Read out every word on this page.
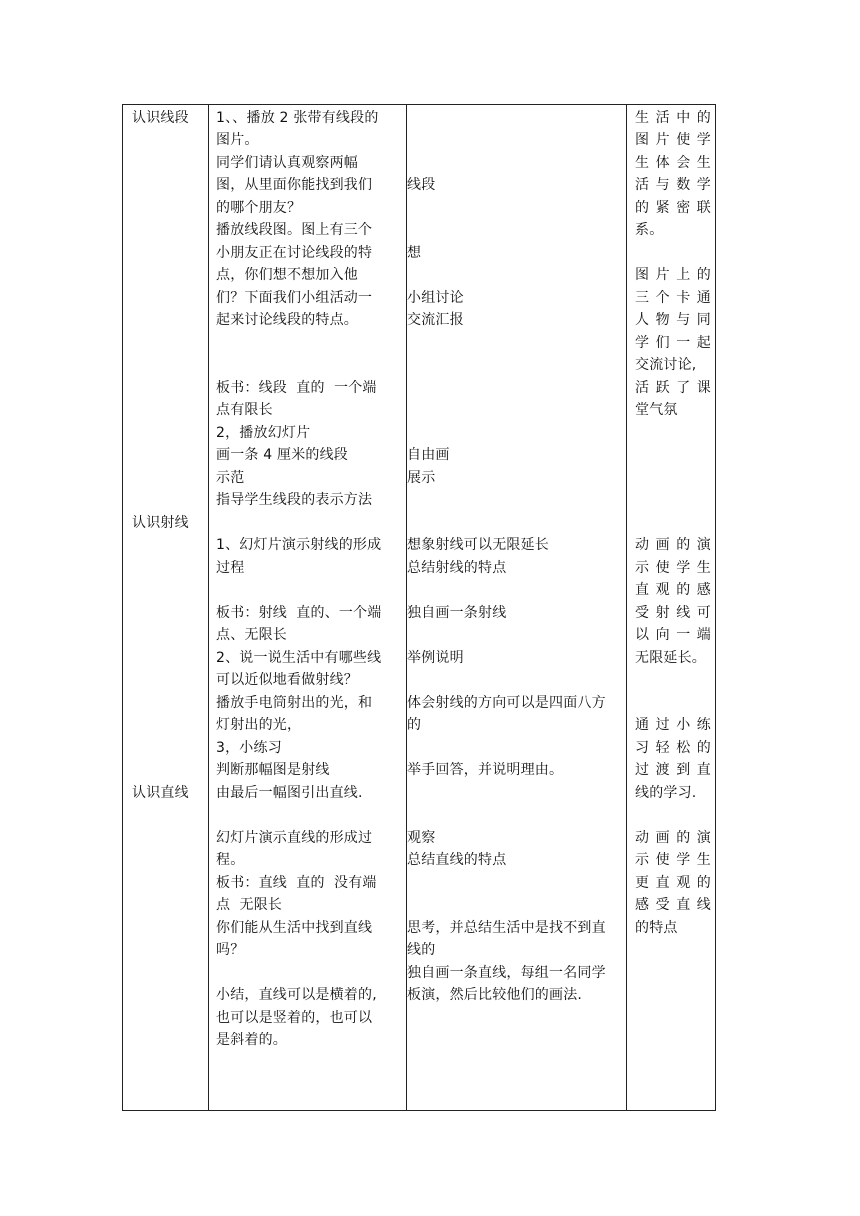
认识线段
认识射线
认识直线
1、、播放 2 张带有线段的
图片。
同学们请认真观察两幅
图，从里面你能找到我们
的哪个朋友？
播放线段图。图上有三个
小朋友正在讨论线段的特
点，你们想不想加入他
们？下面我们小组活动一
起来讨论线段的特点。
板书：线段  直的  一个端
点有限长
2，播放幻灯片
画一条 4 厘米的线段
示范
指导学生线段的表示方法
1、幻灯片演示射线的形成
过程
板书：射线  直的、一个端
点、无限长
2、说一说生活中有哪些线
可以近似地看做射线？
播放手电筒射出的光，和
灯射出的光，
3，小练习
判断那幅图是射线
由最后一幅图引出直线.
幻灯片演示直线的形成过
程。
板书：直线  直的  没有端
点  无限长
你们能从生活中找到直线
吗？
小结，直线可以是横着的,
也可以是竖着的，也可以
是斜着的。
线段
想
小组讨论
交流汇报
自由画
展示
想象射线可以无限延长
总结射线的特点
独自画一条射线
举例说明
体会射线的方向可以是四面八方
的
举手回答，并说明理由。
观察
总结直线的特点
思考，并总结生活中是找不到直
线的
独自画一条直线，每组一名同学
板演，然后比较他们的画法.
生活中的
图片使学
生体会生
活与数学
的紧密联
系。
图片上的
三个卡通
人物与同
学们一起
交流讨论,
活跃了课
堂气氛
动画的演
示使学生
直观的感
受射线可
以向一端
无限延长。
通过小练
习轻松的
过渡到直
线的学习.
动画的演
示使学生
更直观的
感受直线
的特点
